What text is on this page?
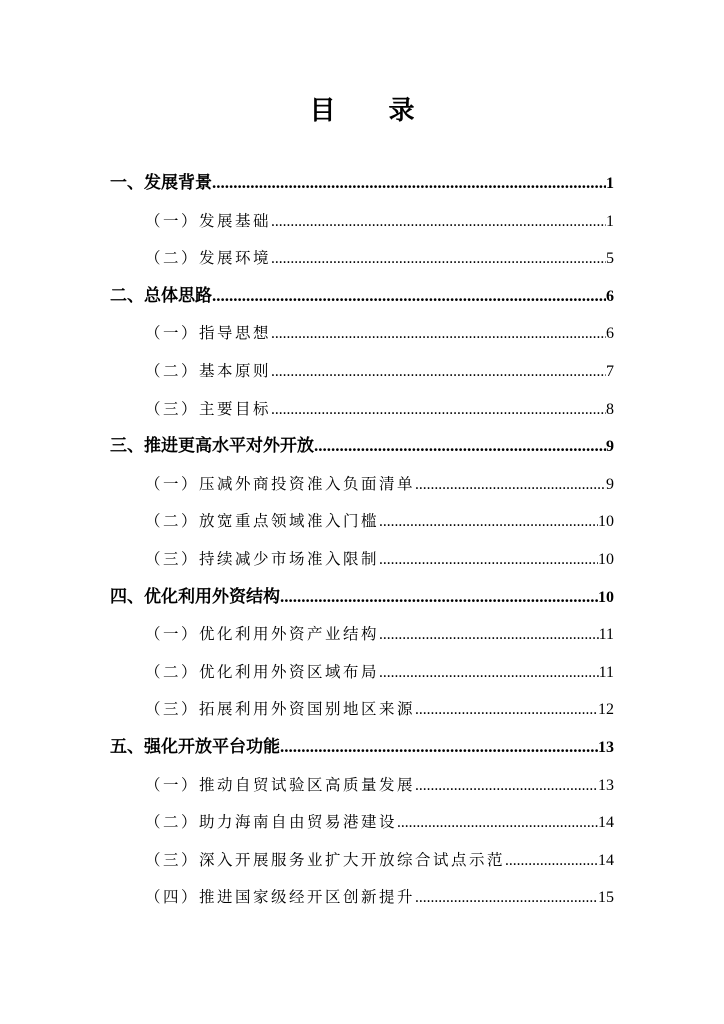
目 录
一、发展背景 .....	1
（一）发展基础 .....	1
（二）发展环境 .....	5
二、总体思路 .....	6
（一）指导思想 .....	6
（二）基本原则 .....	7
（三）主要目标 .....	8
三、推进更高水平对外开放 .....	9
（一）压减外商投资准入负面清单 .....	9
（二）放宽重点领域准入门槛 .....	10
（三）持续减少市场准入限制 .....	10
四、优化利用外资结构 .....	10
（一）优化利用外资产业结构 .....	11
（二）优化利用外资区域布局 .....	11
（三）拓展利用外资国别地区来源 .....	12
五、强化开放平台功能 .....	13
（一）推动自贸试验区高质量发展 .....	13
（二）助力海南自由贸易港建设 .....	14
（三）深入开展服务业扩大开放综合试点示范 .....	14
（四）推进国家级经开区创新提升 .....	15
